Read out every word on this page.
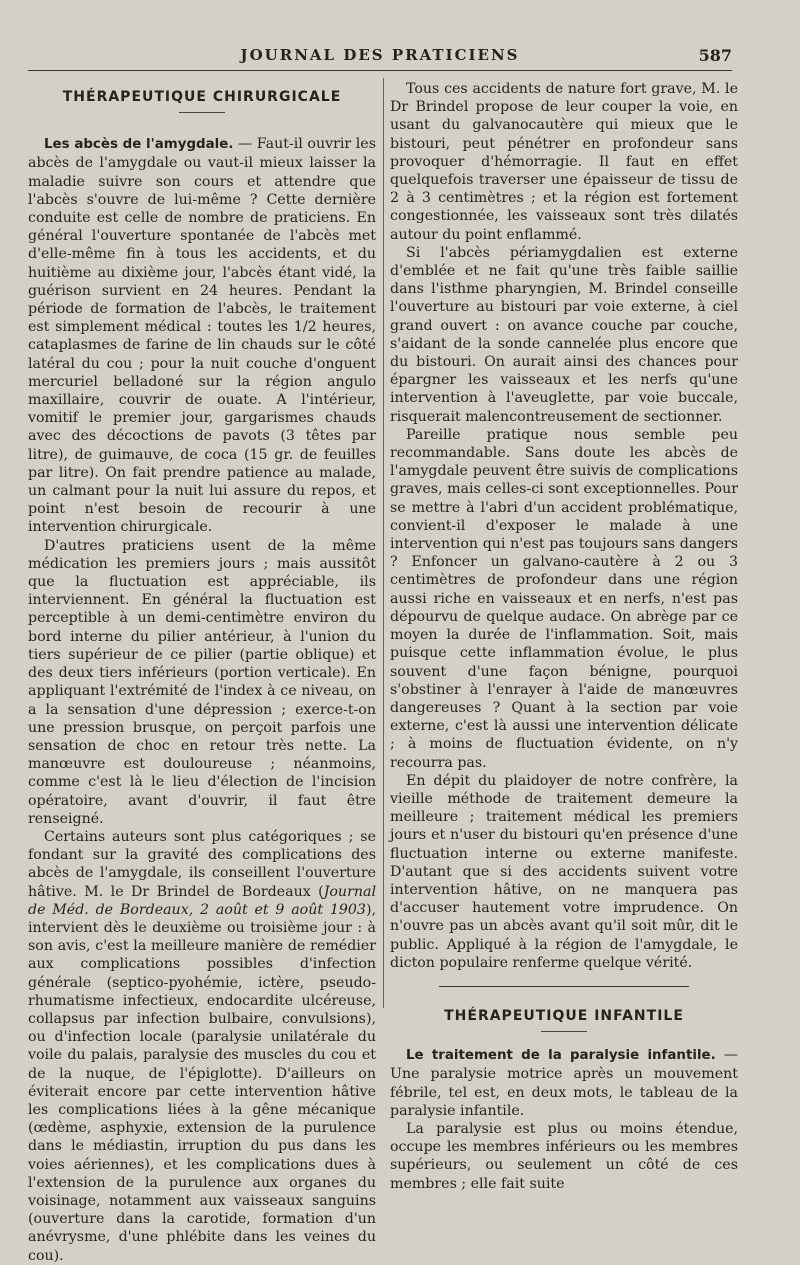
JOURNAL DES PRATICIENS	587
THÉRAPEUTIQUE CHIRURGICALE

Les abcès de l'amygdale. — Faut-il ouvrir les abcès de l'amygdale ou vaut-il mieux laisser la maladie suivre son cours et attendre que l'abcès s'ouvre de lui-même ? Cette dernière conduite est celle de nombre de praticiens. En général l'ouverture spontanée de l'abcès met d'elle-même fin à tous les accidents, et du huitième au dixième jour, l'abcès étant vidé, la guérison survient en 24 heures. Pendant la période de formation de l'abcès, le traitement est simplement médical : toutes les 1/2 heures, cataplasmes de farine de lin chauds sur le côté latéral du cou ; pour la nuit couche d'onguent mercuriel belladoné sur la région angulo maxillaire, couvrir de ouate. A l'intérieur, vomitif le premier jour, gargarismes chauds avec des décoctions de pavots (3 têtes par litre), de guimauve, de coca (15 gr. de feuilles par litre). On fait prendre patience au malade, un calmant pour la nuit lui assure du repos, et point n'est besoin de recourir à une intervention chirurgicale.

D'autres praticiens usent de la même médication les premiers jours ; mais aussitôt que la fluctuation est appréciable, ils interviennent. En général la fluctuation est perceptible à un demi-centimètre environ du bord interne du pilier antérieur, à l'union du tiers supérieur de ce pilier (partie oblique) et des deux tiers inférieurs (portion verticale). En appliquant l'extrémité de l'index à ce niveau, on a la sensation d'une dépression ; exerce-t-on une pression brusque, on perçoit parfois une sensation de choc en retour très nette. La manœuvre est douloureuse ; néanmoins, comme c'est là le lieu d'élection de l'incision opératoire, avant d'ouvrir, il faut être renseigné.

Certains auteurs sont plus catégoriques ; se fondant sur la gravité des complications des abcès de l'amygdale, ils conseillent l'ouverture hâtive. M. le Dr Brindel de Bordeaux (Journal de Méd. de Bordeaux, 2 août et 9 août 1903), intervient dès le deuxième ou troisième jour : à son avis, c'est la meilleure manière de remédier aux complications possibles d'infection générale (septico-pyohémie, ictère, pseudo-rhumatisme infectieux, endocardite ulcéreuse, collapsus par infection bulbaire, convulsions), ou d'infection locale (paralysie unilatérale du voile du palais, paralysie des muscles du cou et de la nuque, de l'épiglotte). D'ailleurs on éviterait encore par cette intervention hâtive les complications liées à la gêne mécanique (œdème, asphyxie, extension de la purulence dans le médiastin, irruption du pus dans les voies aériennes), et les complications dues à l'extension de la purulence aux organes du voisinage, notamment aux vaisseaux sanguins (ouverture dans la carotide, formation d'un anévrysme, d'une phlébite dans les veines du cou).

Tous ces accidents de nature fort grave, M. le Dr Brindel propose de leur couper la voie, en usant du galvanocautère qui mieux que le bistouri, peut pénétrer en profondeur sans provoquer d'hémorragie. Il faut en effet quelquefois traverser une épaisseur de tissu de 2 à 3 centimètres ; et la région est fortement congestionnée, les vaisseaux sont très dilatés autour du point enflammé.

Si l'abcès périamygdalien est externe d'emblée et ne fait qu'une très faible saillie dans l'isthme pharyngien, M. Brindel conseille l'ouverture au bistouri par voie externe, à ciel grand ouvert : on avance couche par couche, s'aidant de la sonde cannelée plus encore que du bistouri. On aurait ainsi des chances pour épargner les vaisseaux et les nerfs qu'une intervention à l'aveuglette, par voie buccale, risquerait malencontreusement de sectionner.

Pareille pratique nous semble peu recommandable. Sans doute les abcès de l'amygdale peuvent être suivis de complications graves, mais celles-ci sont exceptionnelles. Pour se mettre à l'abri d'un accident problématique, convient-il d'exposer le malade à une intervention qui n'est pas toujours sans dangers ? Enfoncer un galvano-cautère à 2 ou 3 centimètres de profondeur dans une région aussi riche en vaisseaux et en nerfs, n'est pas dépourvu de quelque audace. On abrège par ce moyen la durée de l'inflammation. Soit, mais puisque cette inflammation évolue, le plus souvent d'une façon bénigne, pourquoi s'obstiner à l'enrayer à l'aide de manœuvres dangereuses ? Quant à la section par voie externe, c'est là aussi une intervention délicate ; à moins de fluctuation évidente, on n'y recourra pas.

En dépit du plaidoyer de notre confrère, la vieille méthode de traitement demeure la meilleure ; traitement médical les premiers jours et n'user du bistouri qu'en présence d'une fluctuation interne ou externe manifeste. D'autant que si des accidents suivent votre intervention hâtive, on ne manquera pas d'accuser hautement votre imprudence. On n'ouvre pas un abcès avant qu'il soit mûr, dit le public. Appliqué à la région de l'amygdale, le dicton populaire renferme quelque vérité.

THÉRAPEUTIQUE INFANTILE

Le traitement de la paralysie infantile. — Une paralysie motrice après un mouvement fébrile, tel est, en deux mots, le tableau de la paralysie infantile.

La paralysie est plus ou moins étendue, occupe les membres inférieurs ou les membres supérieurs, ou seulement un côté de ces membres ; elle fait suite
